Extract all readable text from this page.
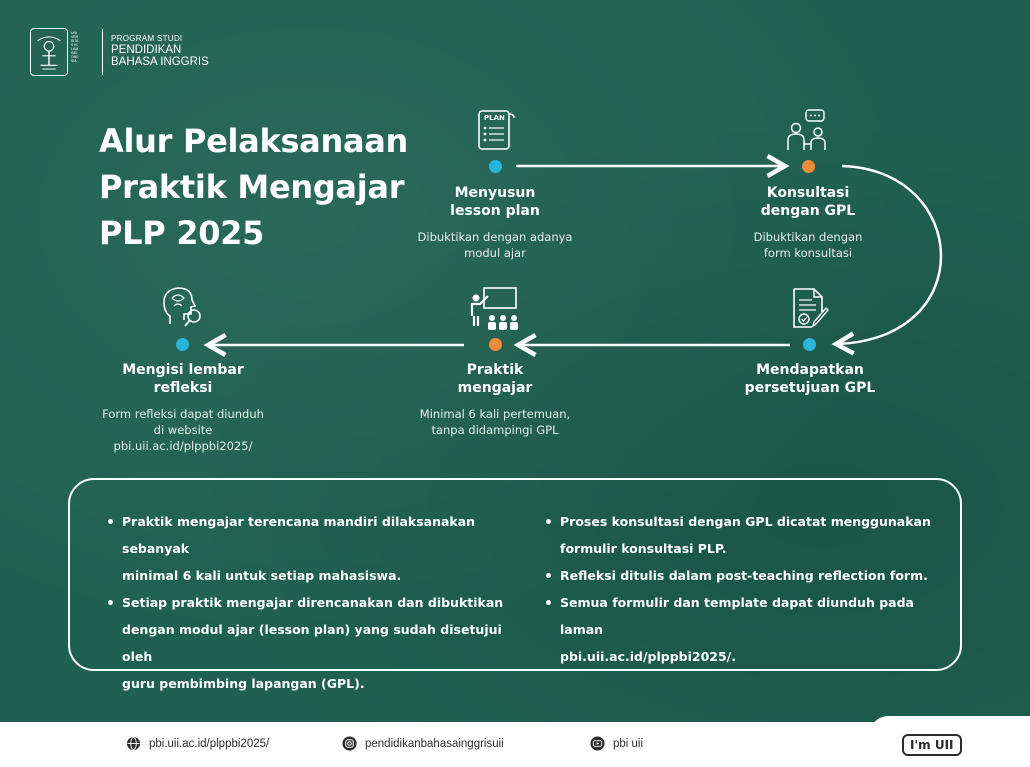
UNIVERSITAS ISLAM INDONESIA
PROGRAM STUDI
PENDIDIKAN
BAHASA INGGRIS
Alur Pelaksanaan
Praktik Mengajar
PLP 2025
PLAN
Menyusun
lesson plan
Dibuktikan dengan adanya
modul ajar
Konsultasi
dengan GPL
Dibuktikan dengan
form konsultasi
Mendapatkan
persetujuan GPL
Praktik
mengajar
Minimal 6 kali pertemuan,
tanpa didampingi GPL
Mengisi lembar
refleksi
Form refleksi dapat diunduh
di website
pbi.uii.ac.id/plppbi2025/
Praktik mengajar terencana mandiri dilaksanakan sebanyak
minimal 6 kali untuk setiap mahasiswa.
Setiap praktik mengajar direncanakan dan dibuktikan
dengan modul ajar (lesson plan) yang sudah disetujui oleh
guru pembimbing lapangan (GPL).
Proses konsultasi dengan GPL dicatat menggunakan
formulir konsultasi PLP.
Refleksi ditulis dalam post-teaching reflection form.
Semua formulir dan template dapat diunduh pada laman
pbi.uii.ac.id/plppbi2025/.
pbi.uii.ac.id/plppbi2025/	pendidikanbahasainggrisuii	pbi uii	I'm UII
